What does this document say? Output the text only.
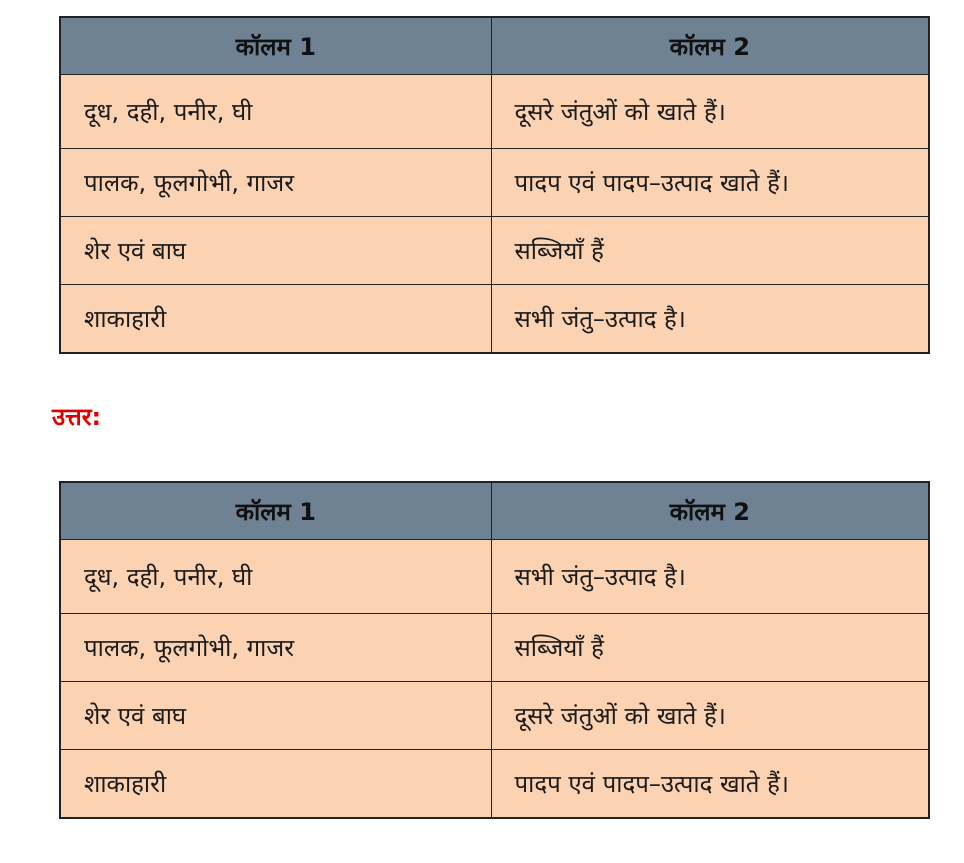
कॉलम 1	कॉलम 2
दूध, दही, पनीर, घी	दूसरे जंतुओं को खाते हैं।
पालक, फूलगोभी, गाजर	पादप एवं पादप–उत्पाद खाते हैं।
शेर एवं बाघ	सब्जियाँ हैं
शाकाहारी	सभी जंतु–उत्पाद है।
उत्तर:
कॉलम 1	कॉलम 2
दूध, दही, पनीर, घी	सभी जंतु–उत्पाद है।
पालक, फूलगोभी, गाजर	सब्जियाँ हैं
शेर एवं बाघ	दूसरे जंतुओं को खाते हैं।
शाकाहारी	पादप एवं पादप–उत्पाद खाते हैं।
